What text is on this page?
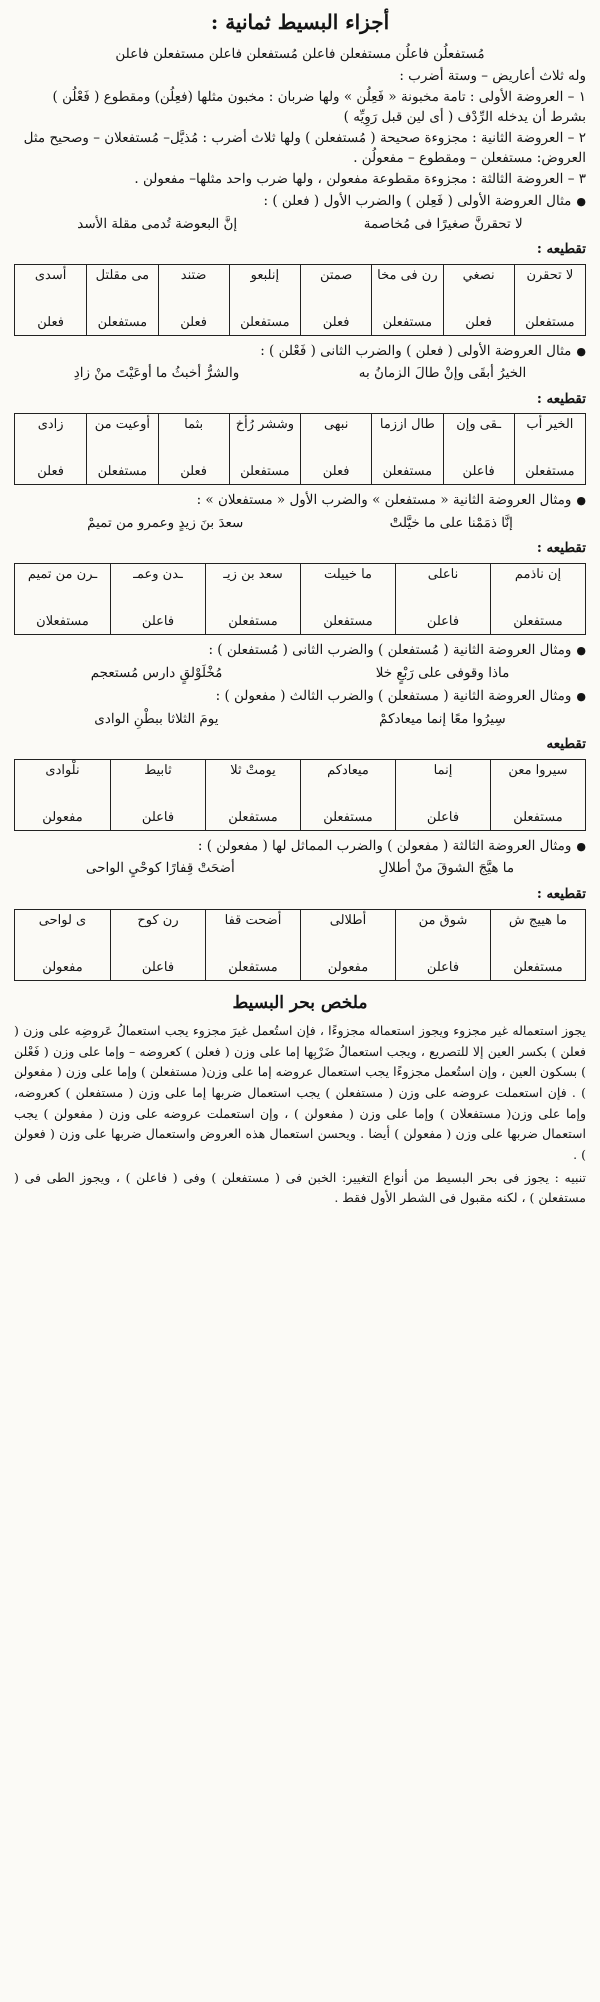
أجزاء البسيط ثمانية :
مُستفعلُن فاعلُن مستفعلن فاعلن مُستفعلن فاعلن مستفعلن فاعلن
وله ثلاث أعاريض – وستة أضرب :
١ – العروضة الأولى : تامة مخبونة « فَعِلُن » ولها ضربان : مخبون مثلها (فعِلُن) ومقطوع ( فَعْلُن ) بشرط أن يدخله الرِّدْف ( أى لين قبل رَوِيِّه )
٢ – العروضة الثانية : مجزوءة صحيحة ( مُستفعلن ) ولها ثلاث أضرب : مُذيَّل– مُستفعلان – وصحيح مثل العروض: مستفعلن – ومقطوع – مفعولُن .
٣ – العروضة الثالثة : مجزوءة مقطوعة مفعولن ، ولها ضرب واحد مثلها– مفعولن .
● مثال العروضة الأولى ( فَعِلن ) والضرب الأول ( فعلن ) :
لا تحقرنَّ صغيرًا فى مُخاصمة
إنَّ البعوضة تُدمى مقلة الأسد
تقطيعه :
لا تحقرن
مستفعلن
نصغي
فعلن
رن فى مخا
مستفعلن
صمتن
فعلن
إنلبعو
مستفعلن
ضتند
فعلن
مى مقلتل
مستفعلن
أسدى
فعلن
● مثال العروضة الأولى ( فعلن ) والضرب الثانى ( فَعْلن ) :
الخيرُ أبقَى وإنْ طالَ الزمانُ به
والشرُّ أخبثُ ما أوعَيْتَ منْ زادِ
تقطيعه :
الخير أب
مستفعلن
ـقى وإن
فاعلن
طال اززما
مستفعلن
نبهى
فعلن
وششر رُأخ
مستفعلن
بثما
فعلن
أوعيت من
مستفعلن
زادى
فعلن
● ومثال العروضة الثانية « مستفعلن » والضرب الأول « مستفعلان » :
إنَّا ذمَمْنا على ما خيَّلتْ
سعدَ بنَ زيدٍ وعمرو من تميمْ
تقطيعه :
إن ناذمم
مستفعلن
ناعلى
فاعلن
ما خييلت
مستفعلن
سعد بن زيـ
مستفعلن
ـدن وعمـ
فاعلن
ـرن من تميم
مستفعلان
● ومثال العروضة الثانية ( مُستفعلن ) والضرب الثانى ( مُستفعلن ) :
ماذا وقوفى على رَبْعٍ خلا
مُخْلَوْلقٍ دارس مُستعجم
● ومثال العروضة الثانية ( مستفعلن ) والضرب الثالث ( مفعولن ) :
سِيرُوا معًا إنما ميعادكمْ
يومَ الثلاثا ببطْنِ الوادى
تقطيعه
سيروا معن
مستفعلن
إنما
فاعلن
ميعادكم
مستفعلن
يومتْ ثلا
مستفعلن
ثابيط
فاعلن
نلْوادى
مفعولن
● ومثال العروضة الثالثة ( مفعولن ) والضرب المماثل لها ( مفعولن ) :
ما هيَّجَ الشوقَ منْ أطلالِ
أضحَتْ قِفارًا كوحْيِ الواحى
تقطيعه :
ما هييج ش
مستفعلن
شوق من
فاعلن
أطلالى
مفعولن
أضحت قفا
مستفعلن
رن كوح
فاعلن
ى لواحى
مفعولن
ملخص بحر البسيط

يجوز استعماله غير مجزوء ويجوز استعماله مجزوءًا ، فإن استُعمل غيرَ مجزوء يجب استعمالُ عَروضِه على وزن ( فعلن ) بكسر العين إلا للتصريع ، ويجب استعمالُ ضَرْبِها إما على وزن ( فعلن ) كعروضه – وإما على وزن ( فَعْلن ) بسكون العين ، وإن استُعمل مجزوءًا يجب استعمال عروضه إما على وزن( مستفعلن ) وإما على وزن ( مفعولن ) . فإن استعملت عروضه على وزن ( مستفعلن ) يجب استعمال ضربها إما على وزن ( مستفعلن ) كعروضه، وإما على وزن( مستفعلان ) وإما على وزن ( مفعولن ) ، وإن استعملت عروضه على وزن ( مفعولن ) يجب استعمال ضربها على وزن ( مفعولن ) أيضا . ويحسن استعمال هذه العروض واستعمال ضربها على وزن ( فعولن ) .

تنبيه : يجوز فى بحر البسيط من أنواع التغيير: الخبن فى ( مستفعلن ) وفى ( فاعلن ) ، ويجوز الطى فى ( مستفعلن ) ، لكنه مقبول فى الشطر الأول فقط .
